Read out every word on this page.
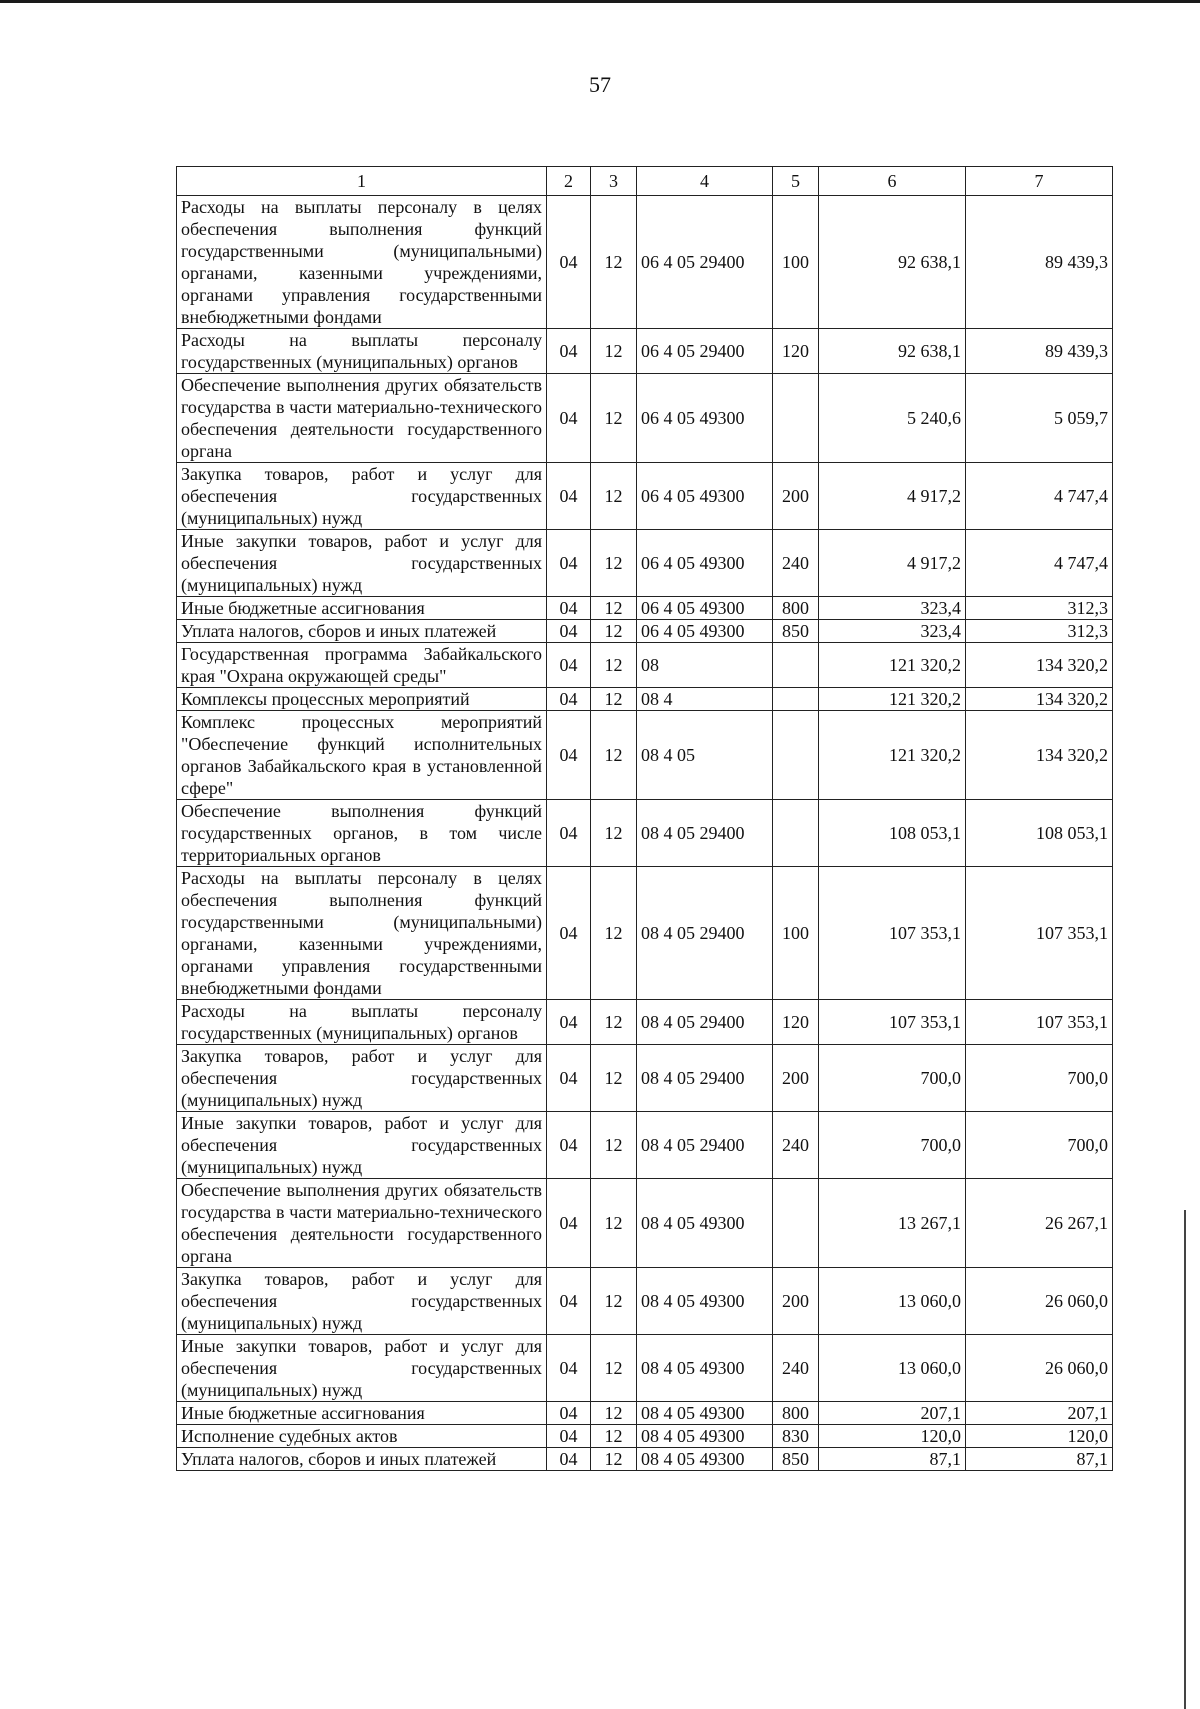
57
1	2	3	4	5	6	7
Расходы на выплаты персоналу в целях обеспечения выполнения функций государственными (муниципальными) органами, казенными учреждениями, органами управления государственными внебюджетными фондами	04	12	06 4 05 29400	100	92 638,1	89 439,3
Расходы на выплаты персоналу государственных (муниципальных) органов	04	12	06 4 05 29400	120	92 638,1	89 439,3
Обеспечение выполнения других обязательств государства в части материально-технического обеспечения деятельности государственного органа	04	12	06 4 05 49300		5 240,6	5 059,7
Закупка товаров, работ и услуг для обеспечения государственных (муниципальных) нужд	04	12	06 4 05 49300	200	4 917,2	4 747,4
Иные закупки товаров, работ и услуг для обеспечения государственных (муниципальных) нужд	04	12	06 4 05 49300	240	4 917,2	4 747,4
Иные бюджетные ассигнования	04	12	06 4 05 49300	800	323,4	312,3
Уплата налогов, сборов и иных платежей	04	12	06 4 05 49300	850	323,4	312,3
Государственная программа Забайкальского края "Охрана окружающей среды"	04	12	08		121 320,2	134 320,2
Комплексы процессных мероприятий	04	12	08 4		121 320,2	134 320,2
Комплекс процессных мероприятий "Обеспечение функций исполнительных органов Забайкальского края в установленной сфере"	04	12	08 4 05		121 320,2	134 320,2
Обеспечение выполнения функций государственных органов, в том числе территориальных органов	04	12	08 4 05 29400		108 053,1	108 053,1
Расходы на выплаты персоналу в целях обеспечения выполнения функций государственными (муниципальными) органами, казенными учреждениями, органами управления государственными внебюджетными фондами	04	12	08 4 05 29400	100	107 353,1	107 353,1
Расходы на выплаты персоналу государственных (муниципальных) органов	04	12	08 4 05 29400	120	107 353,1	107 353,1
Закупка товаров, работ и услуг для обеспечения государственных (муниципальных) нужд	04	12	08 4 05 29400	200	700,0	700,0
Иные закупки товаров, работ и услуг для обеспечения государственных (муниципальных) нужд	04	12	08 4 05 29400	240	700,0	700,0
Обеспечение выполнения других обязательств государства в части материально-технического обеспечения деятельности государственного органа	04	12	08 4 05 49300		13 267,1	26 267,1
Закупка товаров, работ и услуг для обеспечения государственных (муниципальных) нужд	04	12	08 4 05 49300	200	13 060,0	26 060,0
Иные закупки товаров, работ и услуг для обеспечения государственных (муниципальных) нужд	04	12	08 4 05 49300	240	13 060,0	26 060,0
Иные бюджетные ассигнования	04	12	08 4 05 49300	800	207,1	207,1
Исполнение судебных актов	04	12	08 4 05 49300	830	120,0	120,0
Уплата налогов, сборов и иных платежей	04	12	08 4 05 49300	850	87,1	87,1
